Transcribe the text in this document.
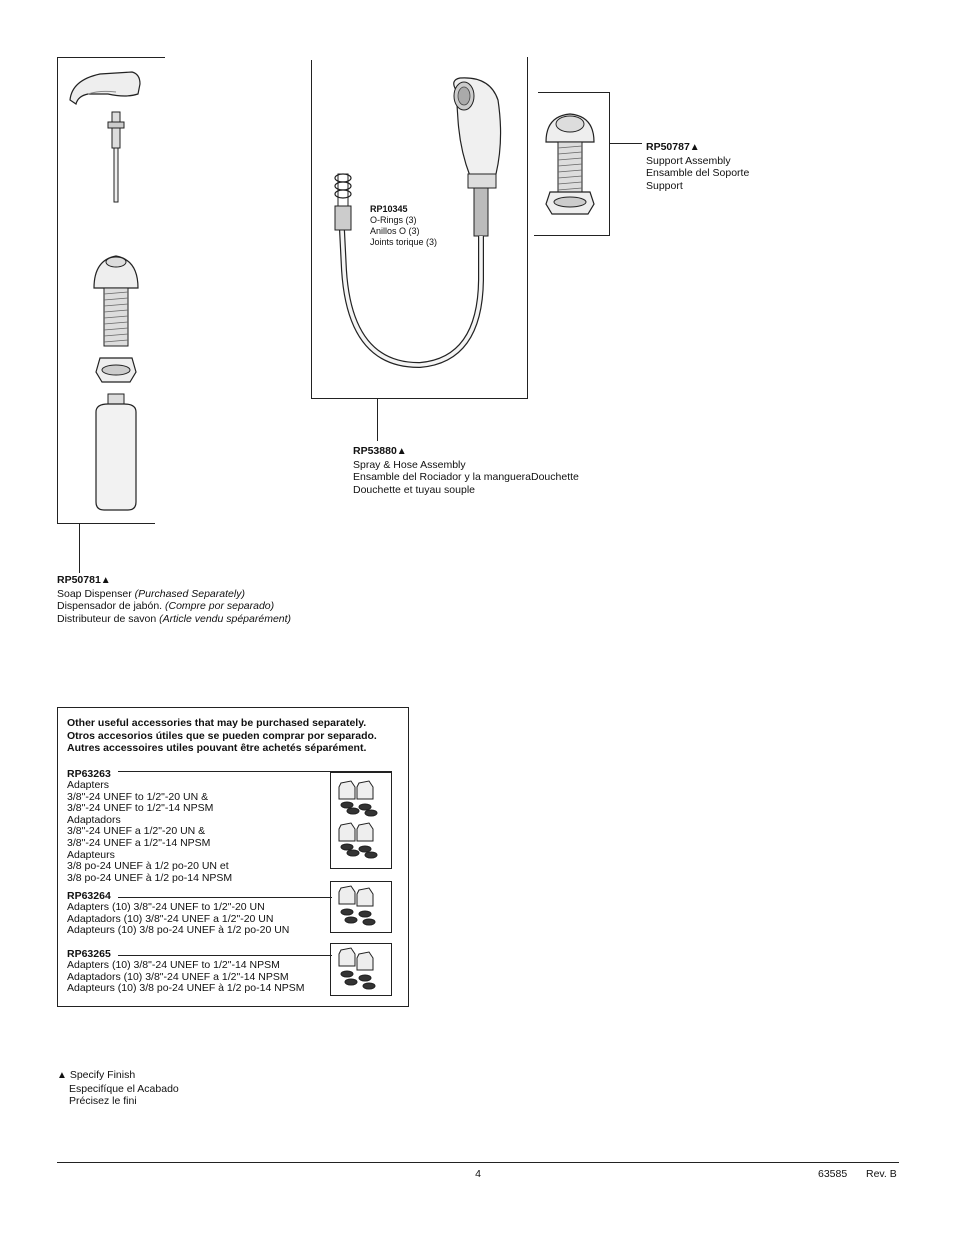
RP50781▲
Soap Dispenser (Purchased Separately)
Dispensador de jabón. (Compre por separado)
Distributeur de savon (Article vendu spéparément)
RP10345
O-Rings (3)
Anillos O (3)
Joints torique (3)
RP53880▲
Spray & Hose Assembly
Ensamble del Rociador y la mangueraDouchette
Douchette et tuyau souple
RP50787▲
Support Assembly
Ensamble del Soporte
Support
Other useful accessories that may be purchased separately.
Otros accesorios útiles que se pueden comprar por separado.
Autres accessoires utiles pouvant être achetés séparément.
RP63263
Adapters
3/8"-24 UNEF to 1/2"-20 UN &
3/8"-24 UNEF to 1/2"-14 NPSM
Adaptadors
3/8"-24 UNEF a 1/2"-20 UN &
3/8"-24 UNEF a 1/2"-14 NPSM
Adapteurs
3/8 po-24 UNEF à 1/2 po-20 UN et
3/8 po-24 UNEF à 1/2 po-14 NPSM
RP63264
Adapters (10) 3/8"-24 UNEF to 1/2"-20 UN
Adaptadors (10) 3/8"-24 UNEF a 1/2"-20 UN
Adapteurs (10) 3/8 po-24 UNEF à 1/2 po-20 UN
RP63265
Adapters (10) 3/8"-24 UNEF to 1/2"-14 NPSM
Adaptadors (10) 3/8"-24 UNEF a 1/2"-14 NPSM
Adapteurs (10) 3/8 po-24 UNEF à 1/2 po-14 NPSM
▲ Specify Finish
Especifíque el Acabado
Précisez le fini
4	63585 Rev. B
